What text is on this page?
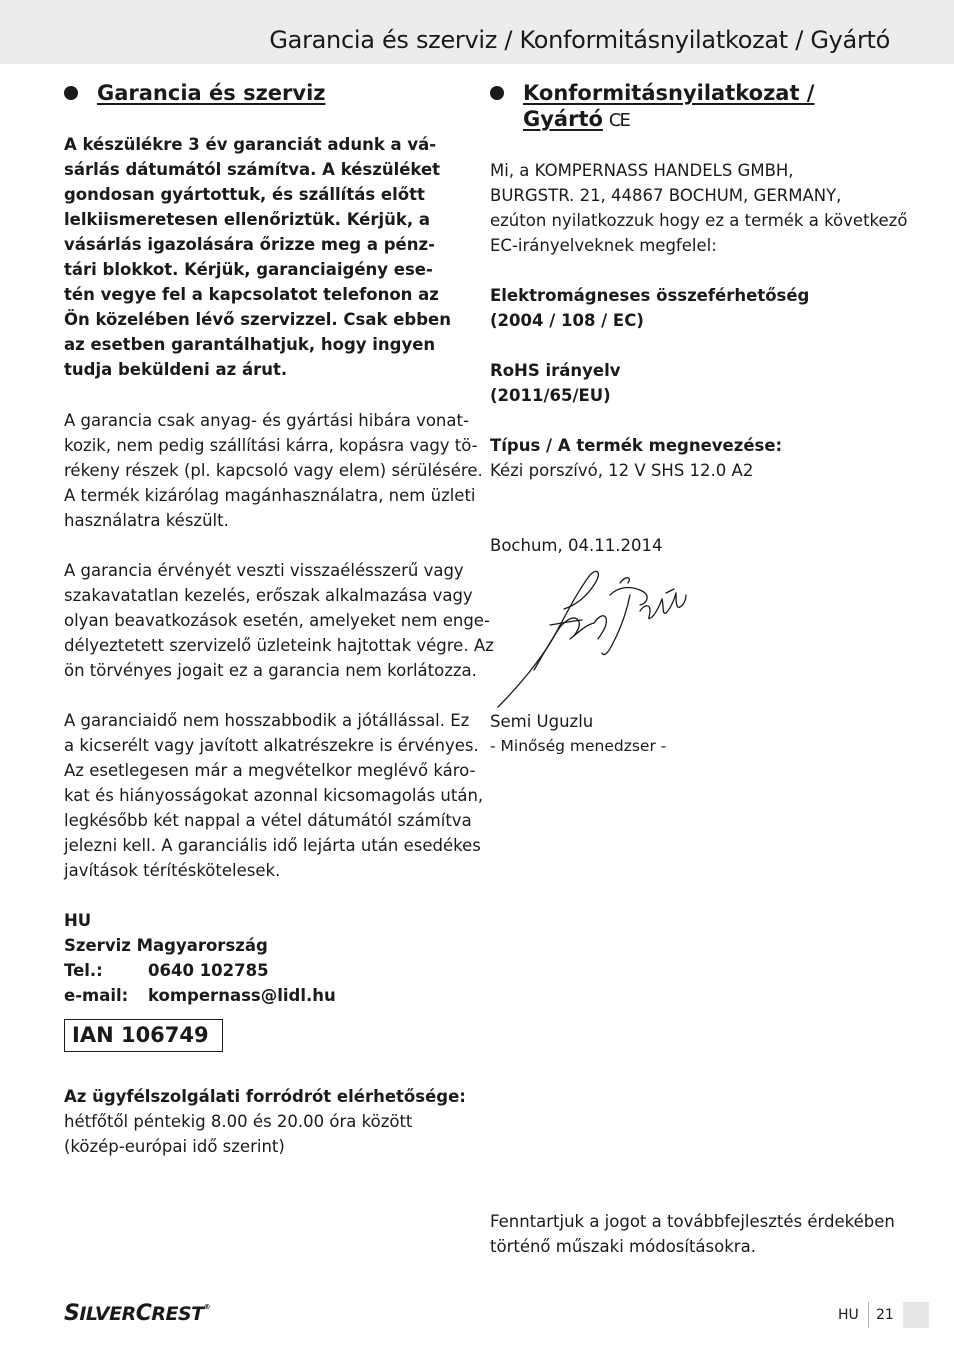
Garancia és szerviz / Konformitásnyilatkozat / Gyártó
Garancia és szerviz
A készülékre 3 év garanciát adunk a vá-
sárlás dátumától számítva. A készüléket
gondosan gyártottuk, és szállítás előtt
lelkiismeretesen ellenőriztük. Kérjük, a
vásárlás igazolására őrizze meg a pénz-
tári blokkot. Kérjük, garanciaigény ese-
tén vegye fel a kapcsolatot telefonon az
Ön közelében lévő szervizzel. Csak ebben
az esetben garantálhatjuk, hogy ingyen
tudja beküldeni az árut.
A garancia csak anyag- és gyártási hibára vonat-
kozik, nem pedig szállítási kárra, kopásra vagy tö-
rékeny részek (pl. kapcsoló vagy elem) sérülésére.
A termék kizárólag magánhasználatra, nem üzleti
használatra készült.
A garancia érvényét veszti visszaélésszerű vagy
szakavatatlan kezelés, erőszak alkalmazása vagy
olyan beavatkozások esetén, amelyeket nem enge-
délyeztetett szervizelő üzleteink hajtottak végre. Az
ön törvényes jogait ez a garancia nem korlátozza.
A garanciaidő nem hosszabbodik a jótállással. Ez
a kicserélt vagy javított alkatrészekre is érvényes.
Az esetlegesen már a megvételkor meglévő káro-
kat és hiányosságokat azonnal kicsomagolás után,
legkésőbb két nappal a vétel dátumától számítva
jelezni kell. A garanciális idő lejárta után esedékes
javítások térítéskötelesek.
HU
Szerviz Magyarország
Tel.:	0640 102785
e-mail: kompernass@lidl.hu
IAN 106749
Az ügyfélszolgálati forródrót elérhetősége:
hétfőtől péntekig 8.00 és 20.00 óra között
(közép-európai idő szerint)
Konformitásnyilatkozat /
Gyártó CE
Mi, a KOMPERNASS HANDELS GMBH,
BURGSTR. 21, 44867 BOCHUM, GERMANY,
ezúton nyilatkozzuk hogy ez a termék a következő
EC-irányelveknek megfelel:
Elektromágneses összeférhetőség
(2004 / 108 / EC)
RoHS irányelv
(2011/65/EU)
Típus / A termék megnevezése:
Kézi porszívó, 12 V SHS 12.0 A2
Bochum, 04.11.2014
Semi Uguzlu
- Minőség menedzser -
Fenntartjuk a jogot a továbbfejlesztés érdekében
történő műszaki módosításokra.
SILVERCREST®	HU 21
